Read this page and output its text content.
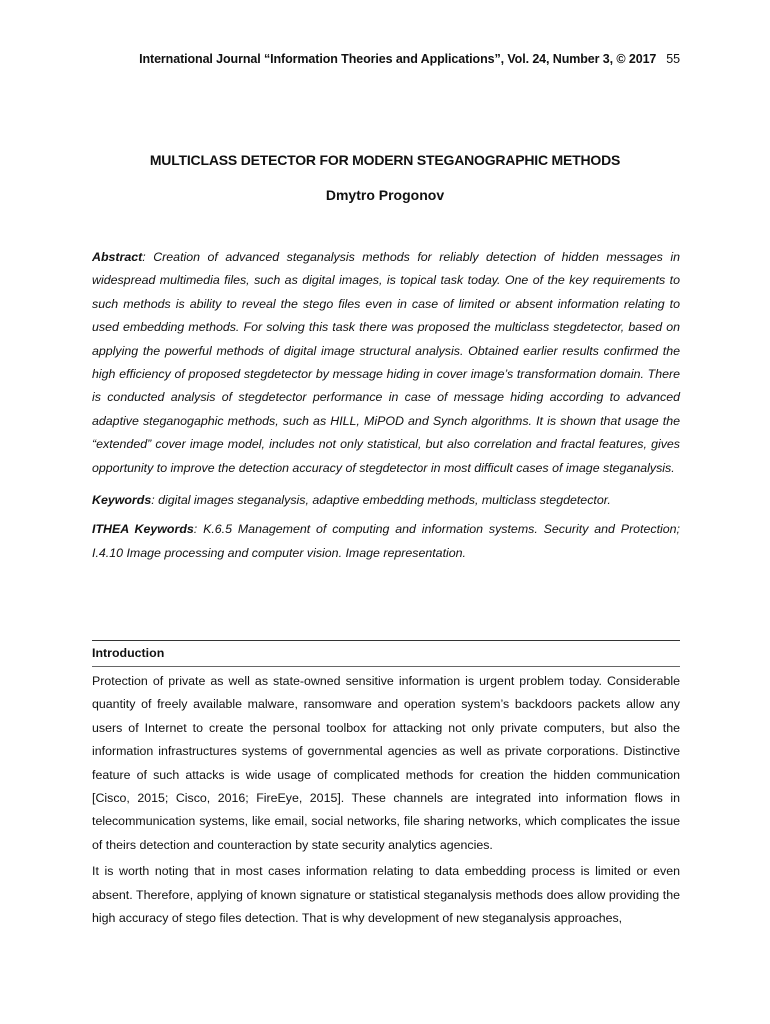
International Journal “Information Theories and Applications”, Vol. 24, Number 3, © 2017 55
MULTICLASS DETECTOR FOR MODERN STEGANOGRAPHIC METHODS
Dmytro Progonov

Abstract: Creation of advanced steganalysis methods for reliably detection of hidden messages in widespread multimedia files, such as digital images, is topical task today. One of the key requirements to such methods is ability to reveal the stego files even in case of limited or absent information relating to used embedding methods. For solving this task there was proposed the multiclass stegdetector, based on applying the powerful methods of digital image structural analysis. Obtained earlier results confirmed the high efficiency of proposed stegdetector by message hiding in cover image’s transformation domain. There is conducted analysis of stegdetector performance in case of message hiding according to advanced adaptive steganogaphic methods, such as HILL, MiPOD and Synch algorithms. It is shown that usage the “extended” cover image model, includes not only statistical, but also correlation and fractal features, gives opportunity to improve the detection accuracy of stegdetector in most difficult cases of image steganalysis.

Keywords: digital images steganalysis, adaptive embedding methods, multiclass stegdetector.

ITHEA Keywords: K.6.5 Management of computing and information systems. Security and Protection; I.4.10 Image processing and computer vision. Image representation.

Introduction

Protection of private as well as state-owned sensitive information is urgent problem today. Considerable quantity of freely available malware, ransomware and operation system’s backdoors packets allow any users of Internet to create the personal toolbox for attacking not only private computers, but also the information infrastructures systems of governmental agencies as well as private corporations. Distinctive feature of such attacks is wide usage of complicated methods for creation the hidden communication [Cisco, 2015; Cisco, 2016; FireEye, 2015]. These channels are integrated into information flows in telecommunication systems, like email, social networks, file sharing networks, which complicates the issue of theirs detection and counteraction by state security analytics agencies.

It is worth noting that in most cases information relating to data embedding process is limited or even absent. Therefore, applying of known signature or statistical steganalysis methods does allow providing the high accuracy of stego files detection. That is why development of new steganalysis approaches,
